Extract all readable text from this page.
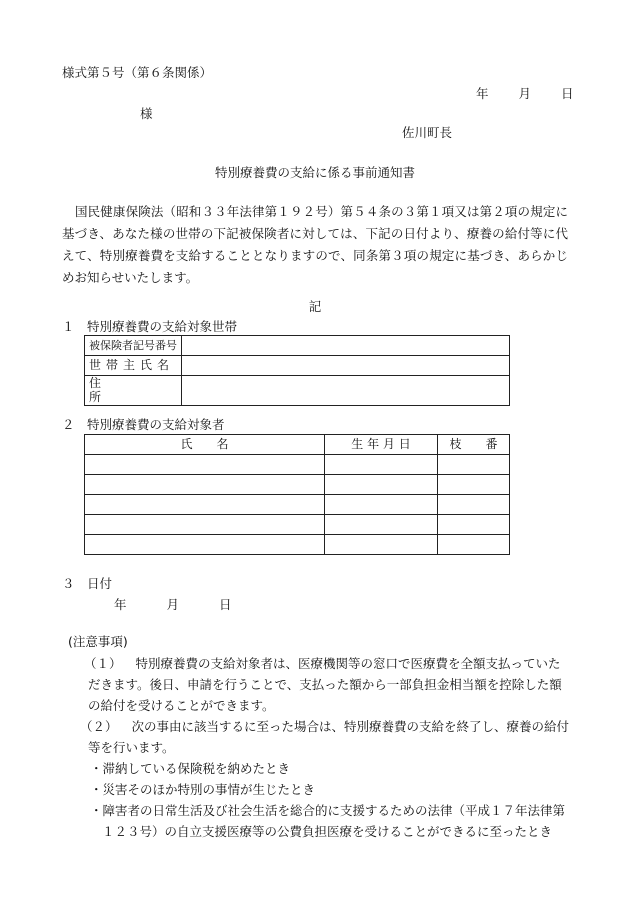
様式第５号（第６条関係）
年 月 日
様
佐川町長
特別療養費の支給に係る事前通知書
国民健康保険法（昭和３３年法律第１９２号）第５４条の３第１項又は第２項の規定に基づき、あなた様の世帯の下記被保険者に対しては、下記の日付より、療養の給付等に代えて、特別療養費を支給することとなりますので、同条第３項の規定に基づき、あらかじめお知らせいたします。
記
１　特別療養費の支給対象世帯
被保険者記号番号	
世帯主氏名	
住所	
２　特別療養費の支給対象者
氏　　名	生 年 月 日	枝　　番

３　日付
年	月	日
(注意事項)
（１） 特別療養費の支給対象者は、医療機関等の窓口で医療費を全額支払っていただきます。後日、申請を行うことで、支払った額から一部負担金相当額を控除した額の給付を受けることができます。
（２） 次の事由に該当するに至った場合は、特別療養費の支給を終了し、療養の給付等を行います。
・滞納している保険税を納めたとき
・災害そのほか特別の事情が生じたとき
・障害者の日常生活及び社会生活を総合的に支援するための法律（平成１７年法律第１２３号）の自立支援医療等の公費負担医療を受けることができるに至ったとき
